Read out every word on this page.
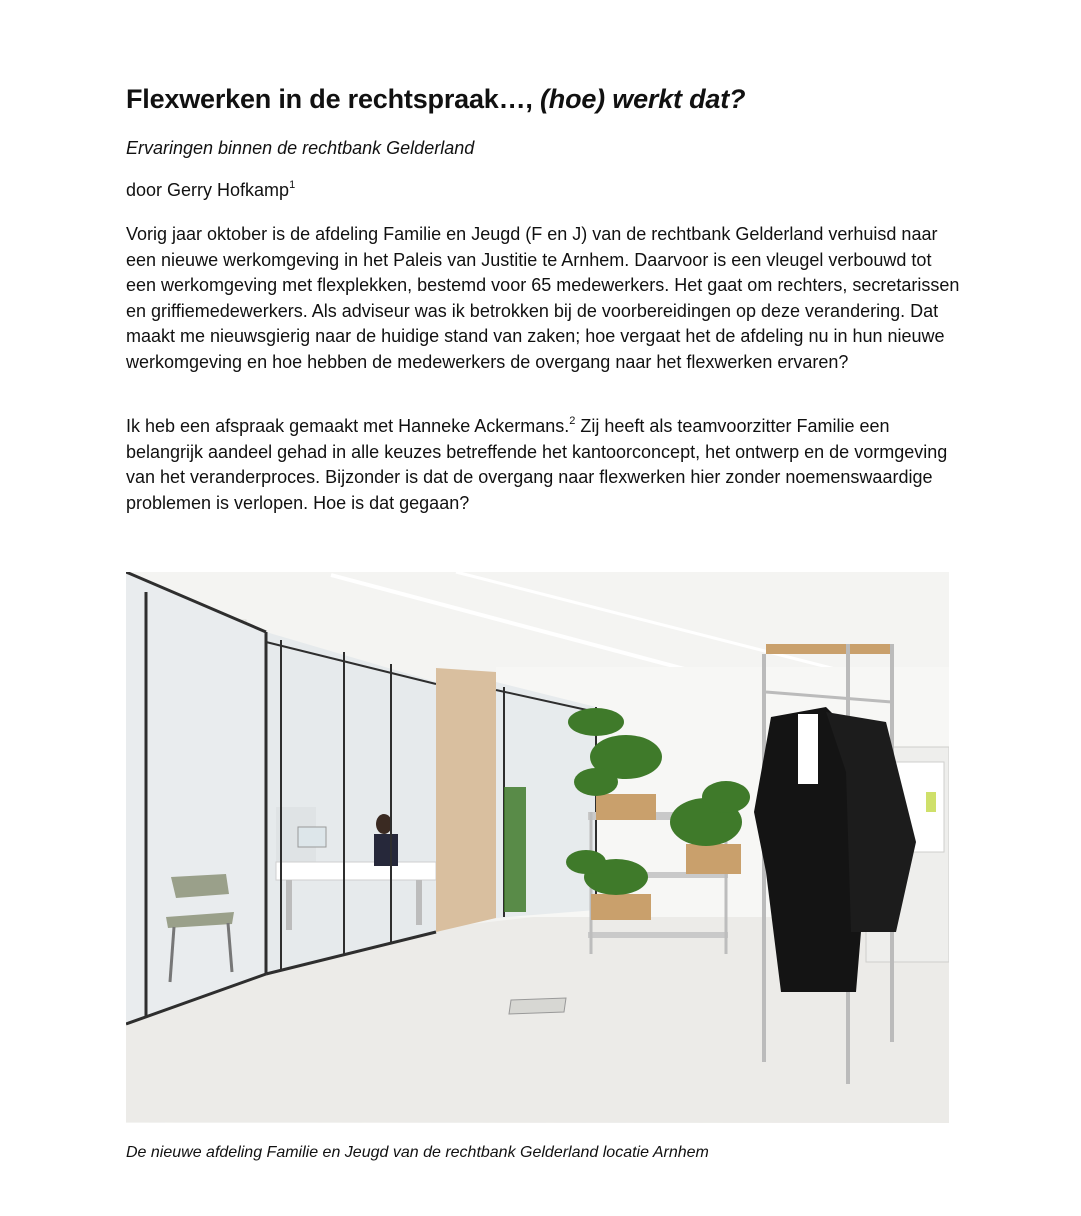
Flexwerken in de rechtspraak…, (hoe) werkt dat?

Ervaringen binnen de rechtbank Gelderland

door Gerry Hofkamp$^1$

Vorig jaar oktober is de afdeling Familie en Jeugd (F en J) van de rechtbank Gelderland verhuisd naar een nieuwe werkomgeving in het Paleis van Justitie te Arnhem. Daarvoor is een vleugel verbouwd tot een werkomgeving met flexplekken, bestemd voor 65 medewerkers. Het gaat om rechters, secretarissen en griffiemedewerkers. Als adviseur was ik betrokken bij de voorbereidingen op deze verandering. Dat maakt me nieuwsgierig naar de huidige stand van zaken; hoe vergaat het de afdeling nu in hun nieuwe werkomgeving en hoe hebben de medewerkers de overgang naar het flexwerken ervaren?

Ik heb een afspraak gemaakt met Hanneke Ackermans.$^2$ Zij heeft als teamvoorzitter Familie een belangrijk aandeel gehad in alle keuzes betreffende het kantoorconcept, het ontwerp en de vormgeving van het veranderproces. Bijzonder is dat de overgang naar flexwerken hier zonder noemenswaardige problemen is verlopen. Hoe is dat gegaan?

De nieuwe afdeling Familie en Jeugd van de rechtbank Gelderland locatie Arnhem
